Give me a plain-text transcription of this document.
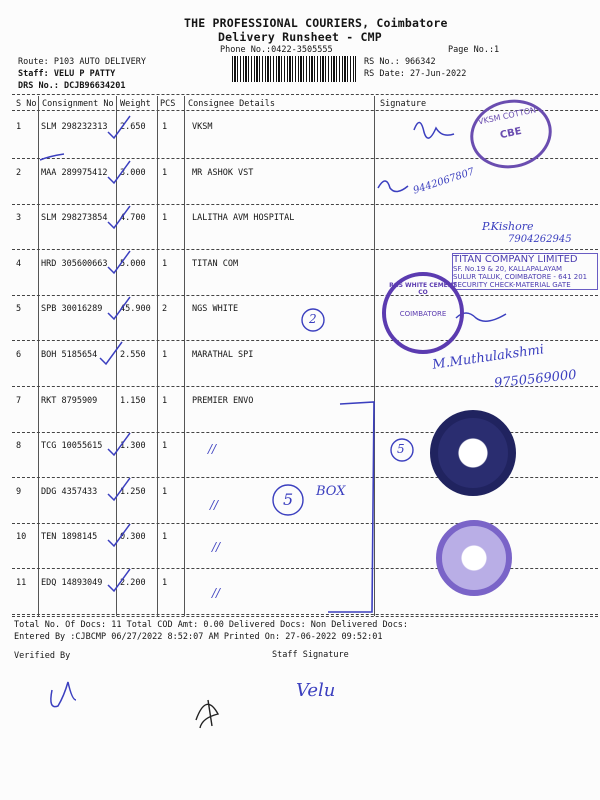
THE PROFESSIONAL COURIERS, Coimbatore
Delivery Runsheet - CMP
Phone No.:0422-3505555	Page No.:1
Route: P103 AUTO DELIVERY
Staff: VELU P PATTY
DRS No.: DCJB96634201
RS No.: 966342
RS Date: 27-Jun-2022
S No Consignment No Weight PCS Consignee Details	Signature
1 SLM 298232313 2.650 1	VKSM
2 MAA 289975412 3.000 1	MR ASHOK VST
3 SLM 298273854 4.700 1	LALITHA AVM HOSPITAL
4 HRD 305600663 5.000 1	TITAN COM
5 SPB 30016289 45.900 2	NGS WHITE
6 BOH 5185654	2.550 1	MARATHAL SPI
7 RKT 8795909	1.150 1	PREMIER ENVO
8 TCG 10055615 1.300 1
9 DDG 4357433	1.250 1
10 TEN 1898145	0.300 1
11 EDQ 14893049 2.200 1
Total No. Of Docs: 11 Total COD Amt: 0.00 Delivered Docs: Non Delivered Docs:
Entered By :CJBCMP 06/27/2022 8:52:07 AM Printed On: 27-06-2022 09:52:01
Verified By	Staff Signature
//
//
//
//
5 BOX
2
5
9442067807
P.Kishore
7904262945
M.Muthulakshmi
9750569000
Velu
VKSM COTTON
CBE
TITAN COMPANY LIMITED
SF. No.19 & 20, KALLAPALAYAM
SULUR TALUK, COIMBATORE - 641 201
SECURITY CHECK-MATERIAL GATE
RGS WHITE CEMENT CO
COIMBATORE
